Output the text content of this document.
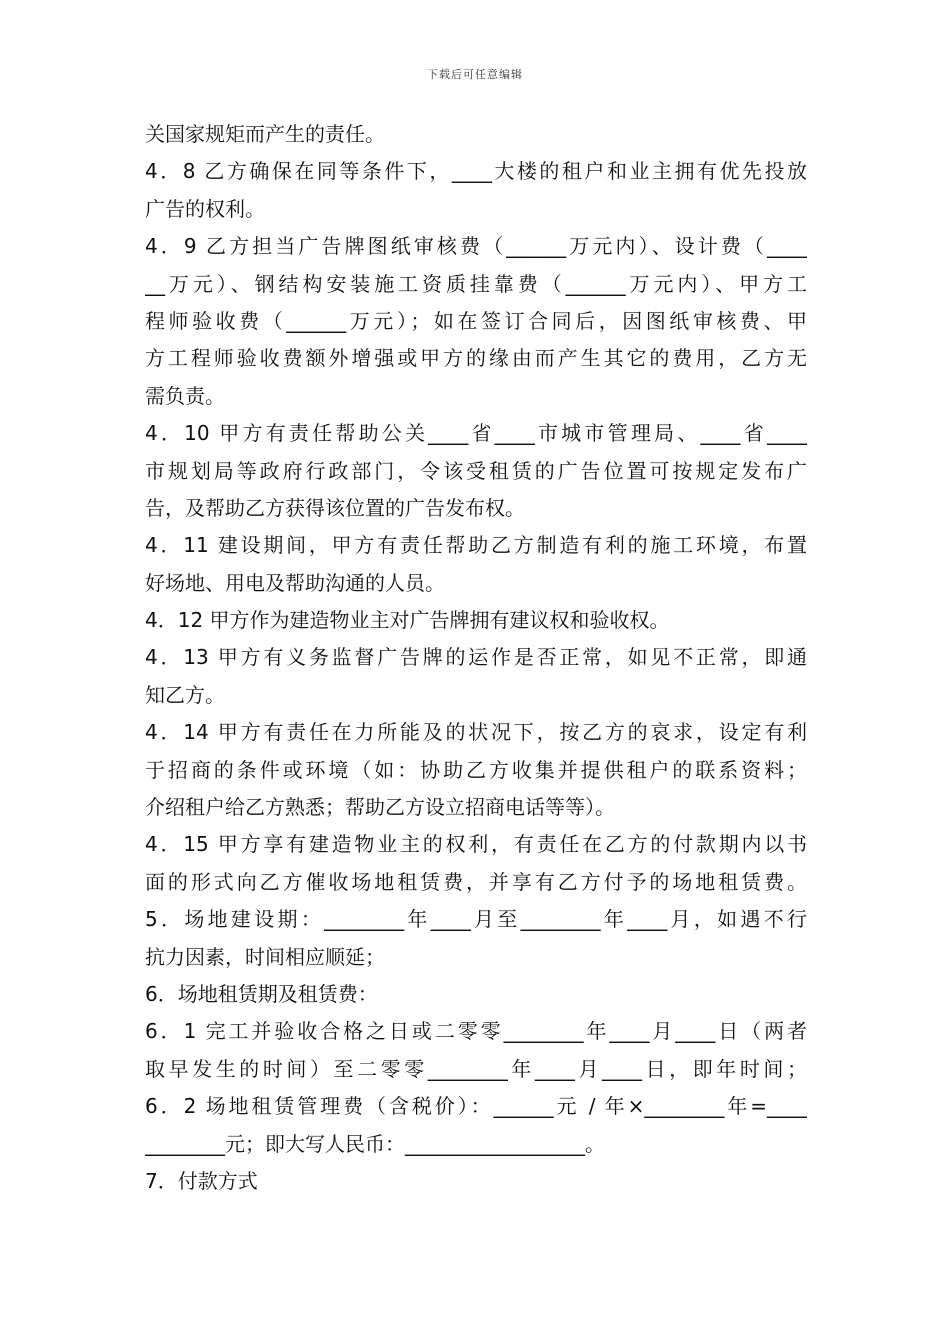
下载后可任意编辑
关国家规矩而产生的责任。
4．8 乙方确保在同等条件下，____大楼的租户和业主拥有优先投放
广告的权利。
4．9 乙方担当广告牌图纸审核费（______万元内）、设计费（____
__万元）、钢结构安装施工资质挂靠费（______万元内）、甲方工
程师验收费（______万元）；如在签订合同后，因图纸审核费、甲
方工程师验收费额外增强或甲方的缘由而产生其它的费用，乙方无
需负责。
4．10 甲方有责任帮助公关____省____市城市管理局、____省____
市规划局等政府行政部门，令该受租赁的广告位置可按规定发布广
告，及帮助乙方获得该位置的广告发布权。
4．11 建设期间，甲方有责任帮助乙方制造有利的施工环境，布置
好场地、用电及帮助沟通的人员。
4．12 甲方作为建造物业主对广告牌拥有建议权和验收权。
4．13 甲方有义务监督广告牌的运作是否正常，如见不正常，即通
知乙方。
4．14 甲方有责任在力所能及的状况下，按乙方的哀求，设定有利
于招商的条件或环境（如：协助乙方收集并提供租户的联系资料；
介绍租户给乙方熟悉；帮助乙方设立招商电话等等）。
4．15 甲方享有建造物业主的权利，有责任在乙方的付款期内以书
面的形式向乙方催收场地租赁费，并享有乙方付予的场地租赁费。
5．场地建设期：________年____月至________年____月，如遇不行
抗力因素，时间相应顺延；
6．场地租赁期及租赁费：
6．1 完工并验收合格之日或二零零________年____月____日（两者
取早发生的时间）至二零零________年____月____日，即年时间；
6．2 场地租赁管理费（含税价）：______元 / 年×________年=____
________元；即大写人民币：__________________。
7．付款方式
